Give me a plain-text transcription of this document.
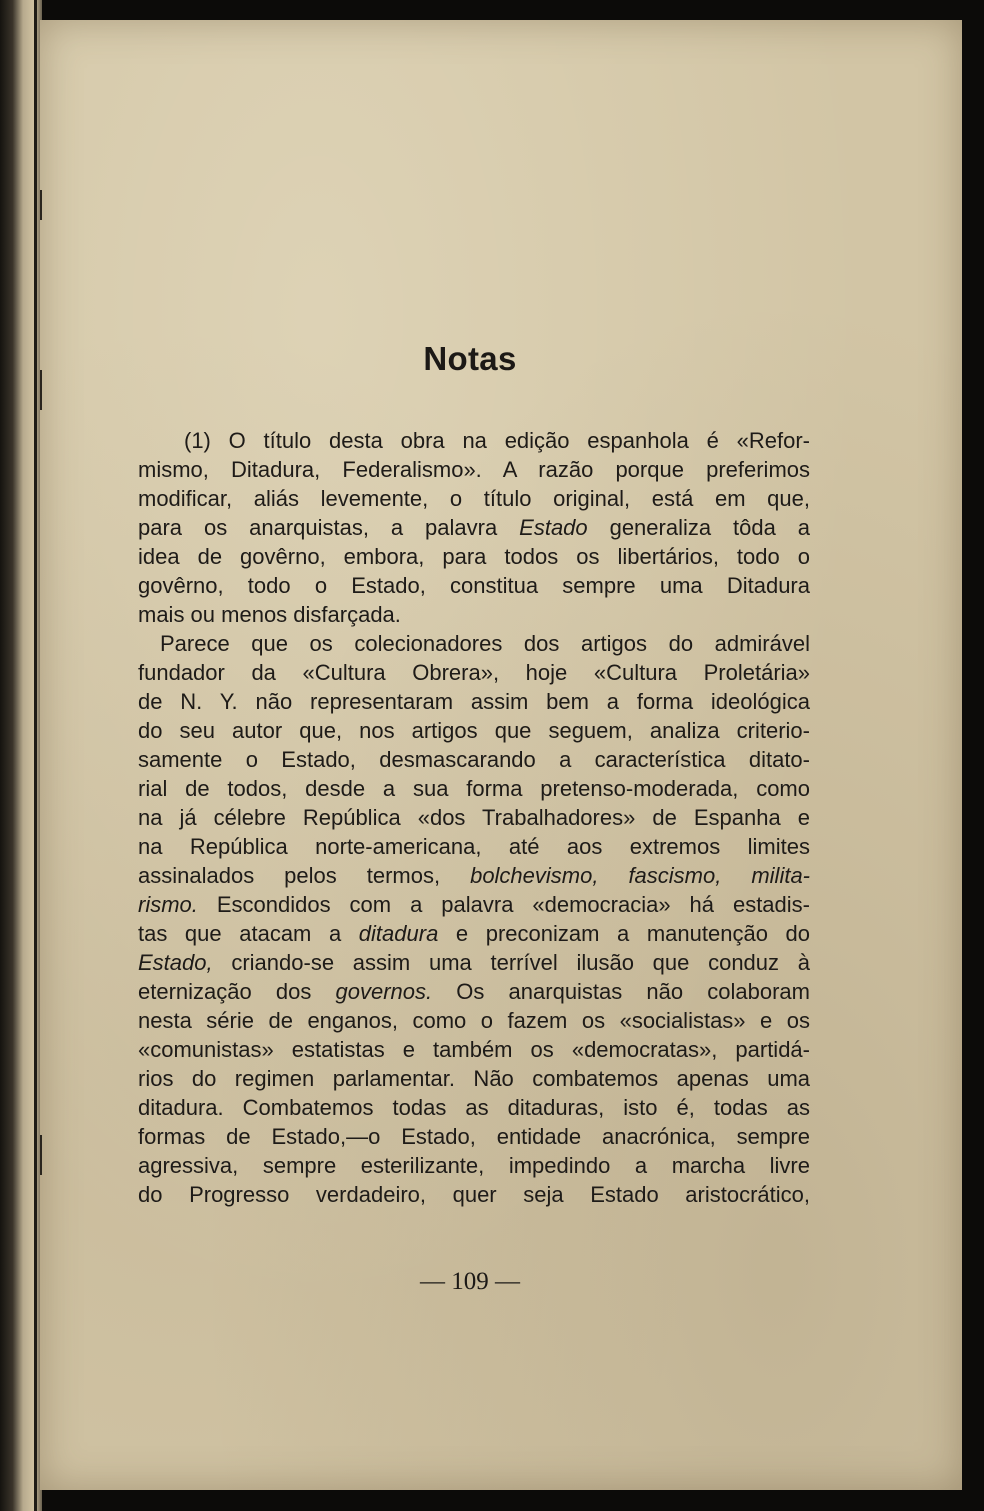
Notas
(1) O título desta obra na edição espanhola é «Refor-
mismo, Ditadura, Federalismo». A razão porque preferimos
modificar, aliás levemente, o título original, está em que,
para os anarquistas, a palavra Estado generaliza tôda a
idea de govêrno, embora, para todos os libertários, todo o
govêrno, todo o Estado, constitua sempre uma Ditadura
mais ou menos disfarçada.
Parece que os colecionadores dos artigos do admirável
fundador da «Cultura Obrera», hoje «Cultura Proletária»
de N. Y. não representaram assim bem a forma ideológica
do seu autor que, nos artigos que seguem, analiza criterio-
samente o Estado, desmascarando a característica ditato-
rial de todos, desde a sua forma pretenso-moderada, como
na já célebre República «dos Trabalhadores» de Espanha e
na República norte-americana, até aos extremos limites
assinalados pelos termos, bolchevismo, fascismo, milita-
rismo. Escondidos com a palavra «democracia» há estadis-
tas que atacam a ditadura e preconizam a manutenção do
Estado, criando-se assim uma terrível ilusão que conduz à
eternização dos governos. Os anarquistas não colaboram
nesta série de enganos, como o fazem os «socialistas» e os
«comunistas» estatistas e também os «democratas», partidá-
rios do regimen parlamentar. Não combatemos apenas uma
ditadura. Combatemos todas as ditaduras, isto é, todas as
formas de Estado,—o Estado, entidade anacrónica, sempre
agressiva, sempre esterilizante, impedindo a marcha livre
do Progresso verdadeiro, quer seja Estado aristocrático,
— 109 —
